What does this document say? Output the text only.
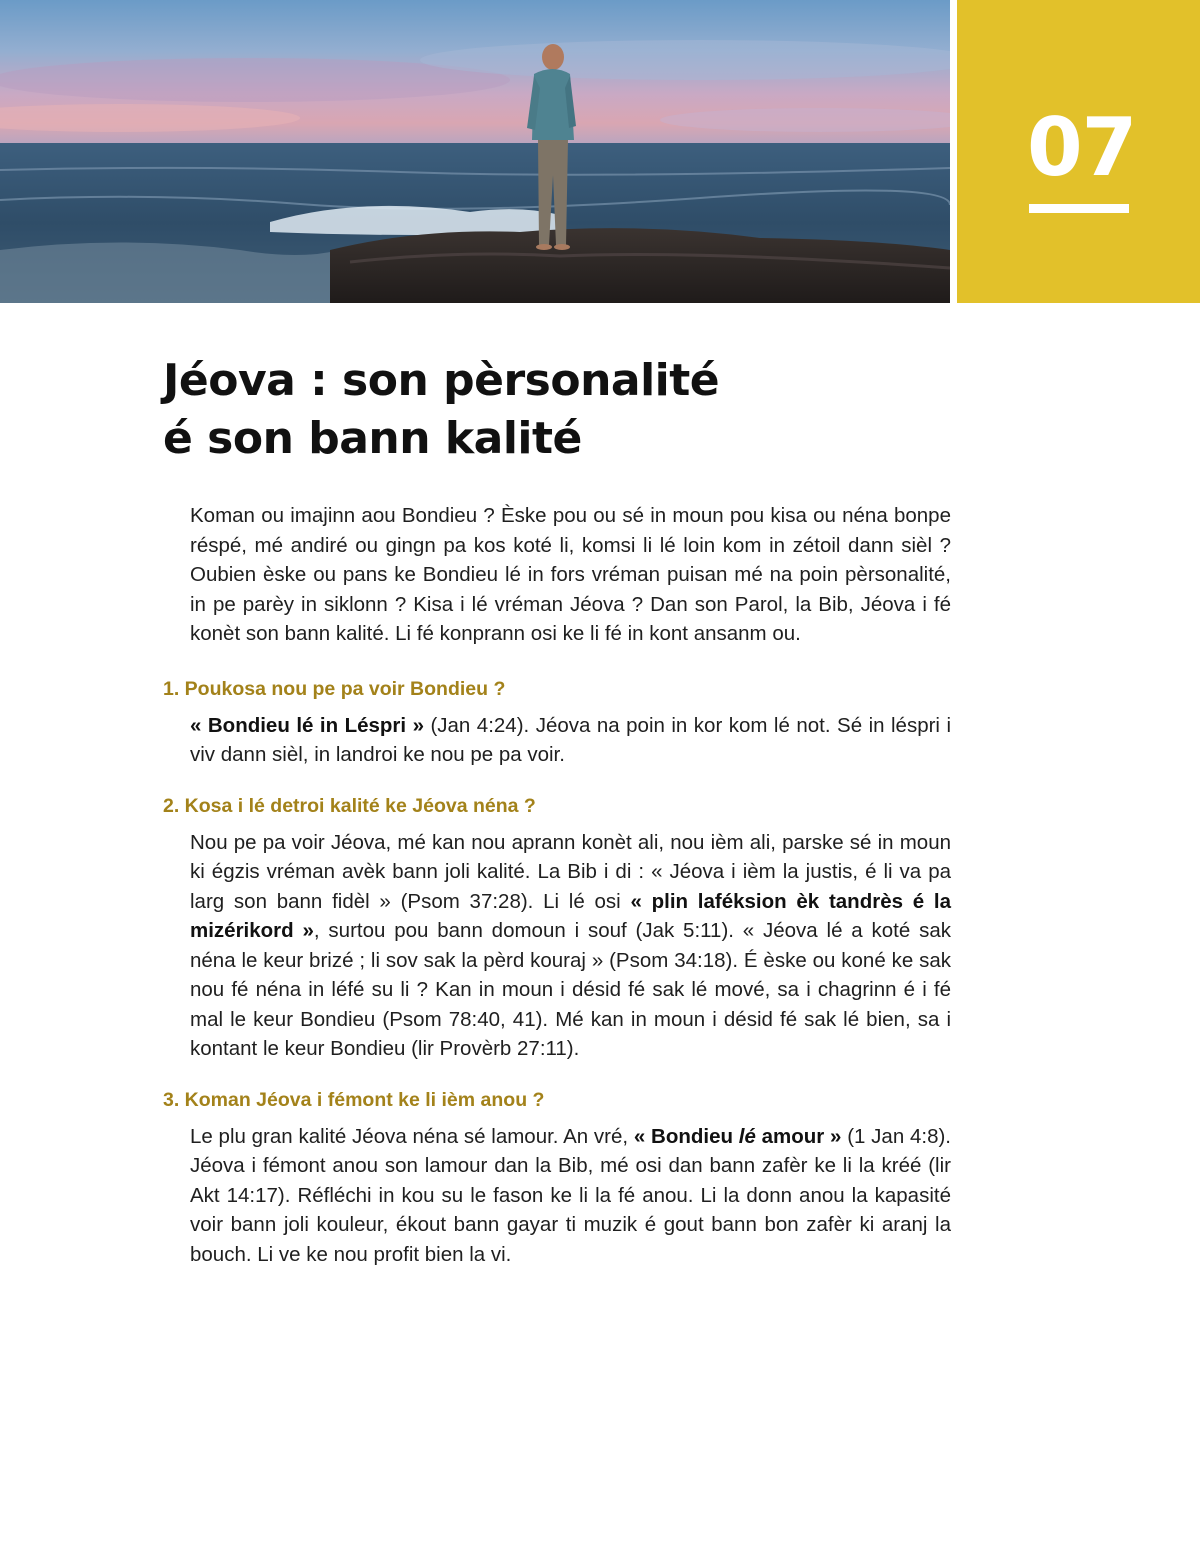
07
Jéova : son pèrsonalité
é son bann kalité

Koman ou imajinn aou Bondieu ? Èske pou ou sé in moun pou kisa ou néna bonpe réspé, mé andiré ou gingn pa kos koté li, komsi li lé loin kom in zétoil dann sièl ? Oubien èske ou pans ke Bondieu lé in fors vréman puisan mé na poin pèrsonalité, in pe parèy in siklonn ? Kisa i lé vréman Jéova ? Dan son Parol, la Bib, Jéova i fé konèt son bann kalité. Li fé konprann osi ke li fé in kont ansanm ou.

1. Poukosa nou pe pa voir Bondieu ?

« Bondieu lé in Léspri » (Jan 4:24). Jéova na poin in kor kom lé not. Sé in léspri i viv dann sièl, in landroi ke nou pe pa voir.

2. Kosa i lé detroi kalité ke Jéova néna ?

Nou pe pa voir Jéova, mé kan nou aprann konèt ali, nou ièm ali, parske sé in moun ki égzis vréman avèk bann joli kalité. La Bib i di : « Jéova i ièm la justis, é li va pa larg son bann fidèl » (Psom 37:28). Li lé osi « plin laféksion èk tandrès é la mizérikord », surtou pou bann domoun i souf (Jak 5:11). « Jéova lé a koté sak néna le keur brizé ; li sov sak la pèrd kouraj » (Psom 34:18). É èske ou koné ke sak nou fé néna in léfé su li ? Kan in moun i désid fé sak lé mové, sa i chagrinn é i fé mal le keur Bondieu (Psom 78:40, 41). Mé kan in moun i désid fé sak lé bien, sa i kontant le keur Bondieu (lir Provèrb 27:11).

3. Koman Jéova i fémont ke li ièm anou ?

Le plu gran kalité Jéova néna sé lamour. An vré, « Bondieu lé amour » (1 Jan 4:8). Jéova i fémont anou son lamour dan la Bib, mé osi dan bann zafèr ke li la kréé (lir Akt 14:17). Réfléchi in kou su le fason ke li la fé anou. Li la donn anou la kapasité voir bann joli kouleur, ékout bann gayar ti muzik é gout bann bon zafèr ki aranj la bouch. Li ve ke nou profit bien la vi.
